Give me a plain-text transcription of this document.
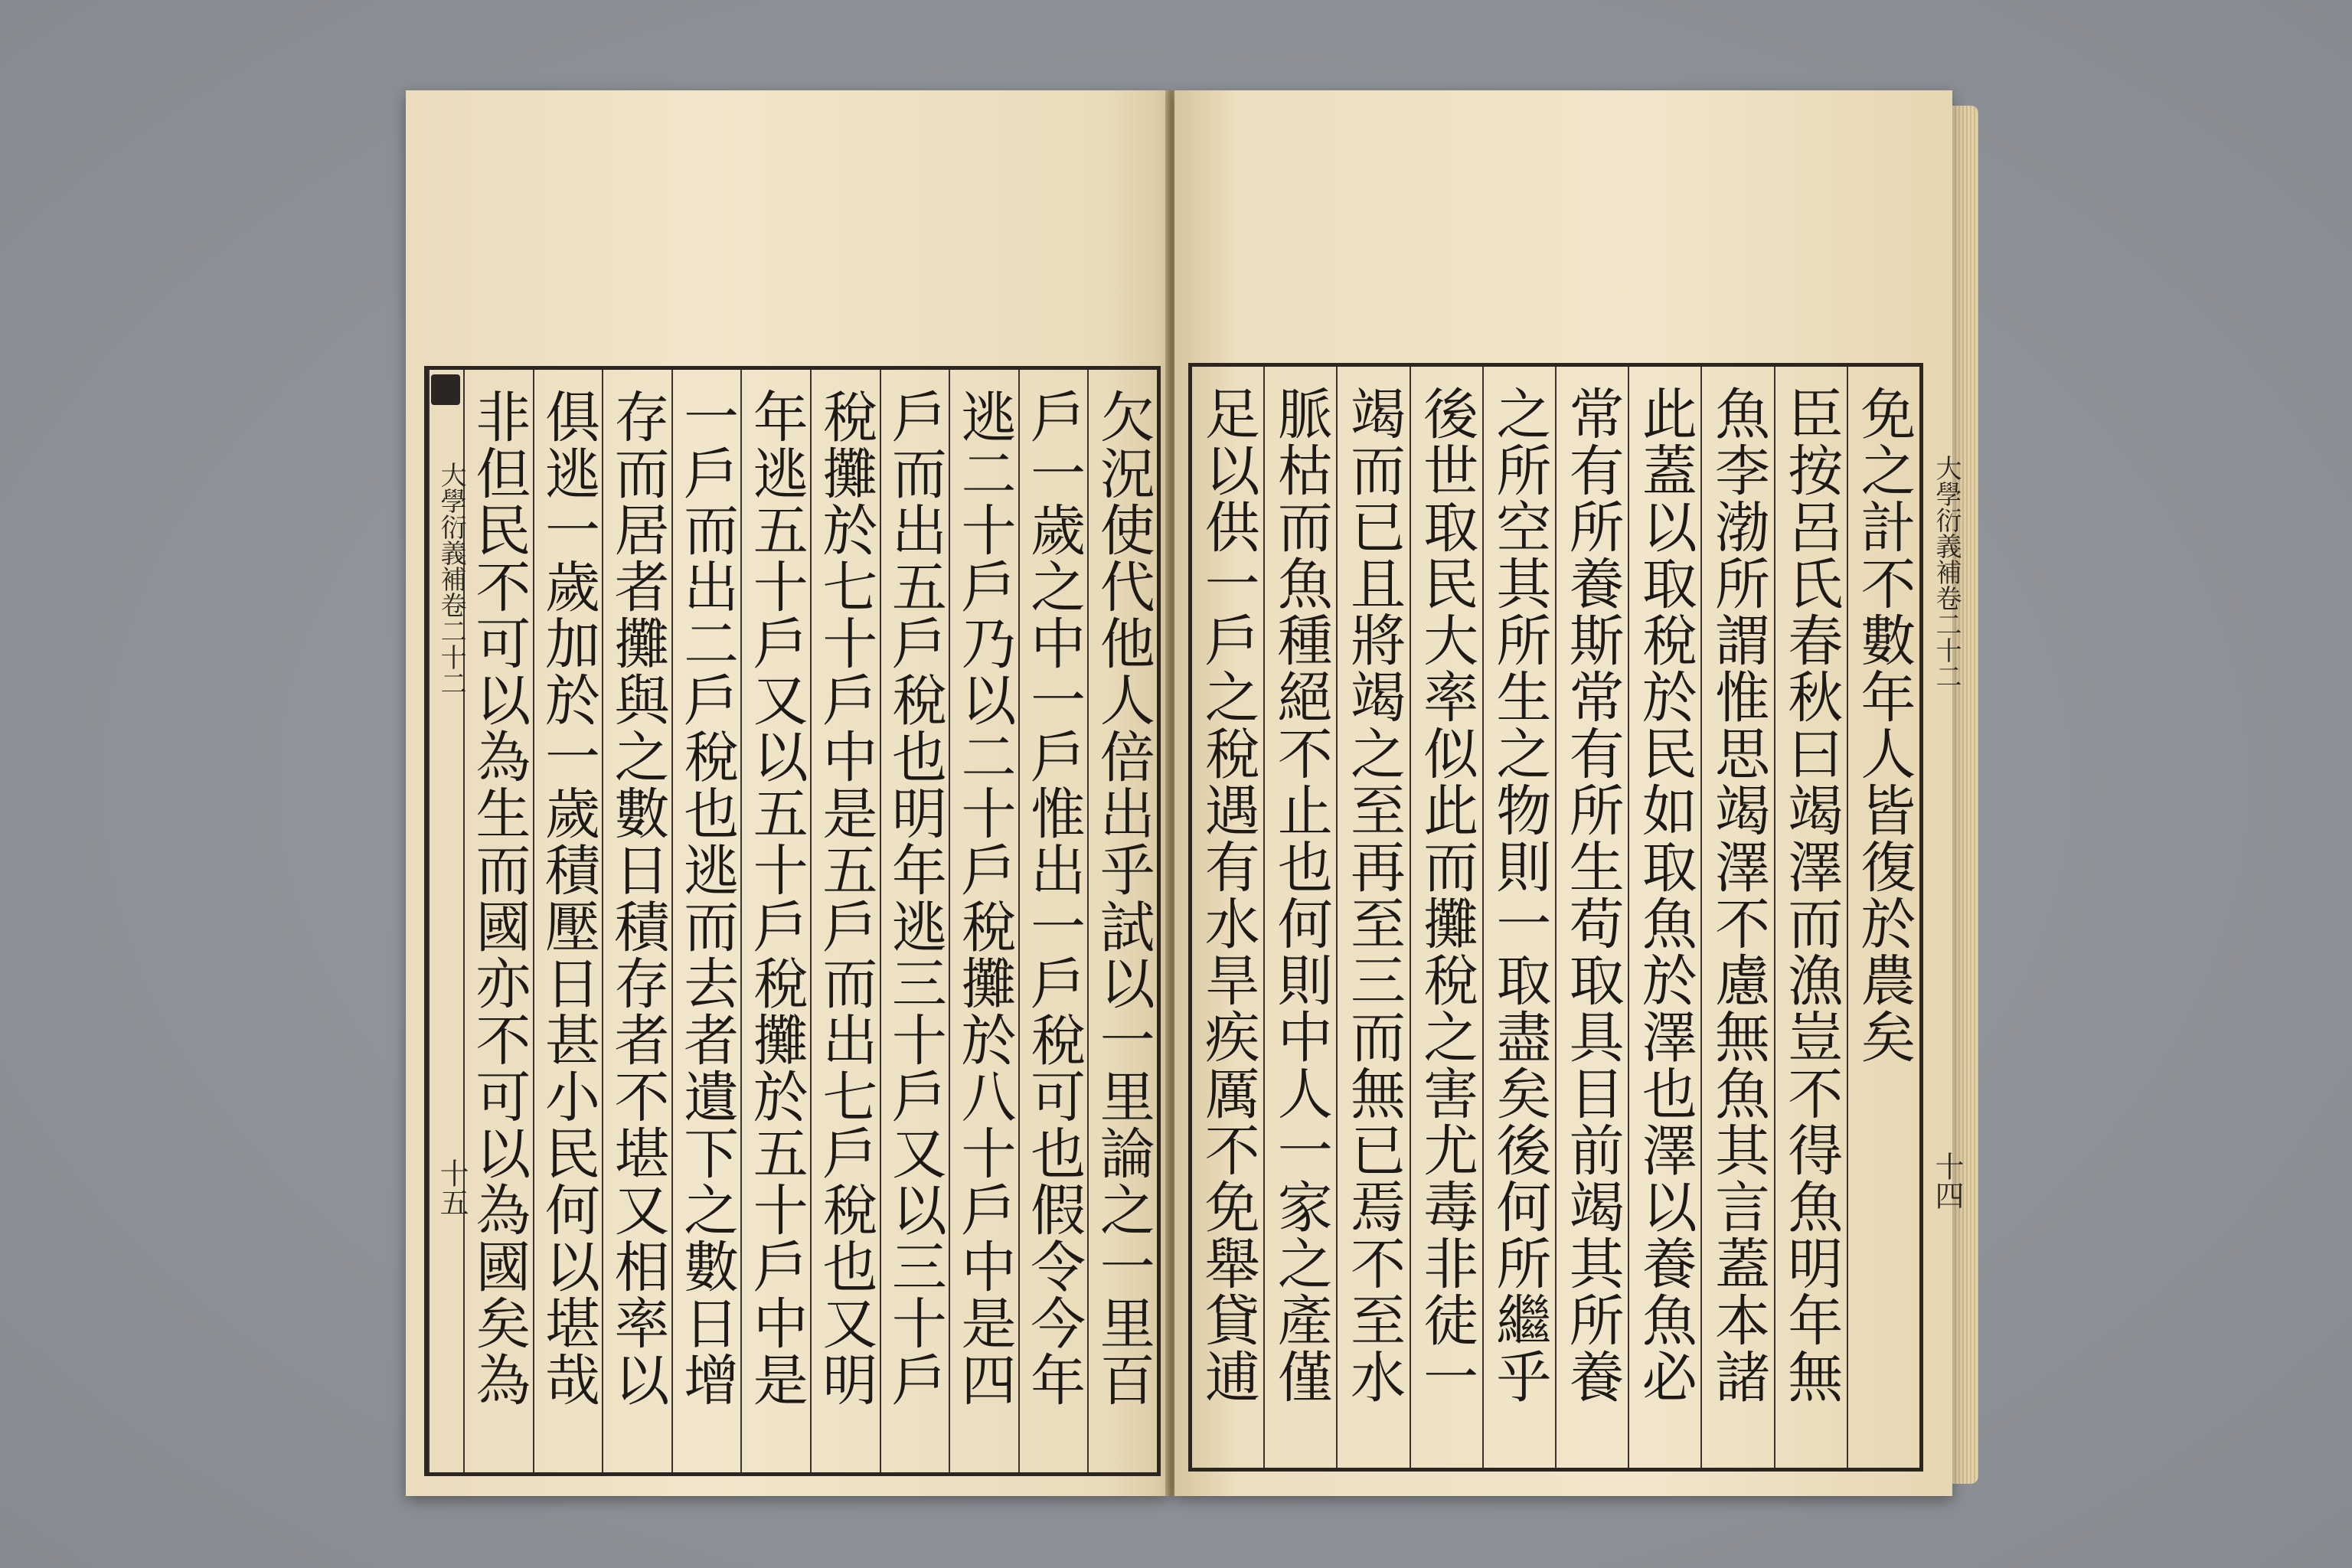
欠況使代他人倍出乎試以一里論之一里百
戶一歲之中一戶惟出一戶稅可也假令今年
逃二十戶乃以二十戶稅攤於八十戶中是四
戶而出五戶稅也明年逃三十戶又以三十戶
稅攤於七十戶中是五戶而出七戶稅也又明
年逃五十戶又以五十戶稅攤於五十戶中是
一戶而出二戶稅也逃而去者遺下之數日增
存而居者攤與之數日積存者不堪又相率以
俱逃一歲加於一歲積壓日甚小民何以堪哉
非但民不可以為生而國亦不可以為國矣為
大學衍義補卷二十二
十五
免之計不數年人皆復於農矣
臣按呂氏春秋曰竭澤而漁豈不得魚明年無
魚李渤所謂惟思竭澤不慮無魚其言蓋本諸
此蓋以取稅於民如取魚於澤也澤以養魚必
常有所養斯常有所生苟取具目前竭其所養
之所空其所生之物則一取盡矣後何所繼乎
後世取民大率似此而攤稅之害尤毒非徒一
竭而已且將竭之至再至三而無已焉不至水
脈枯而魚種絕不止也何則中人一家之產僅
足以供一戶之稅遇有水旱疾厲不免舉貸逋	大學衍義補卷二十二
十四
